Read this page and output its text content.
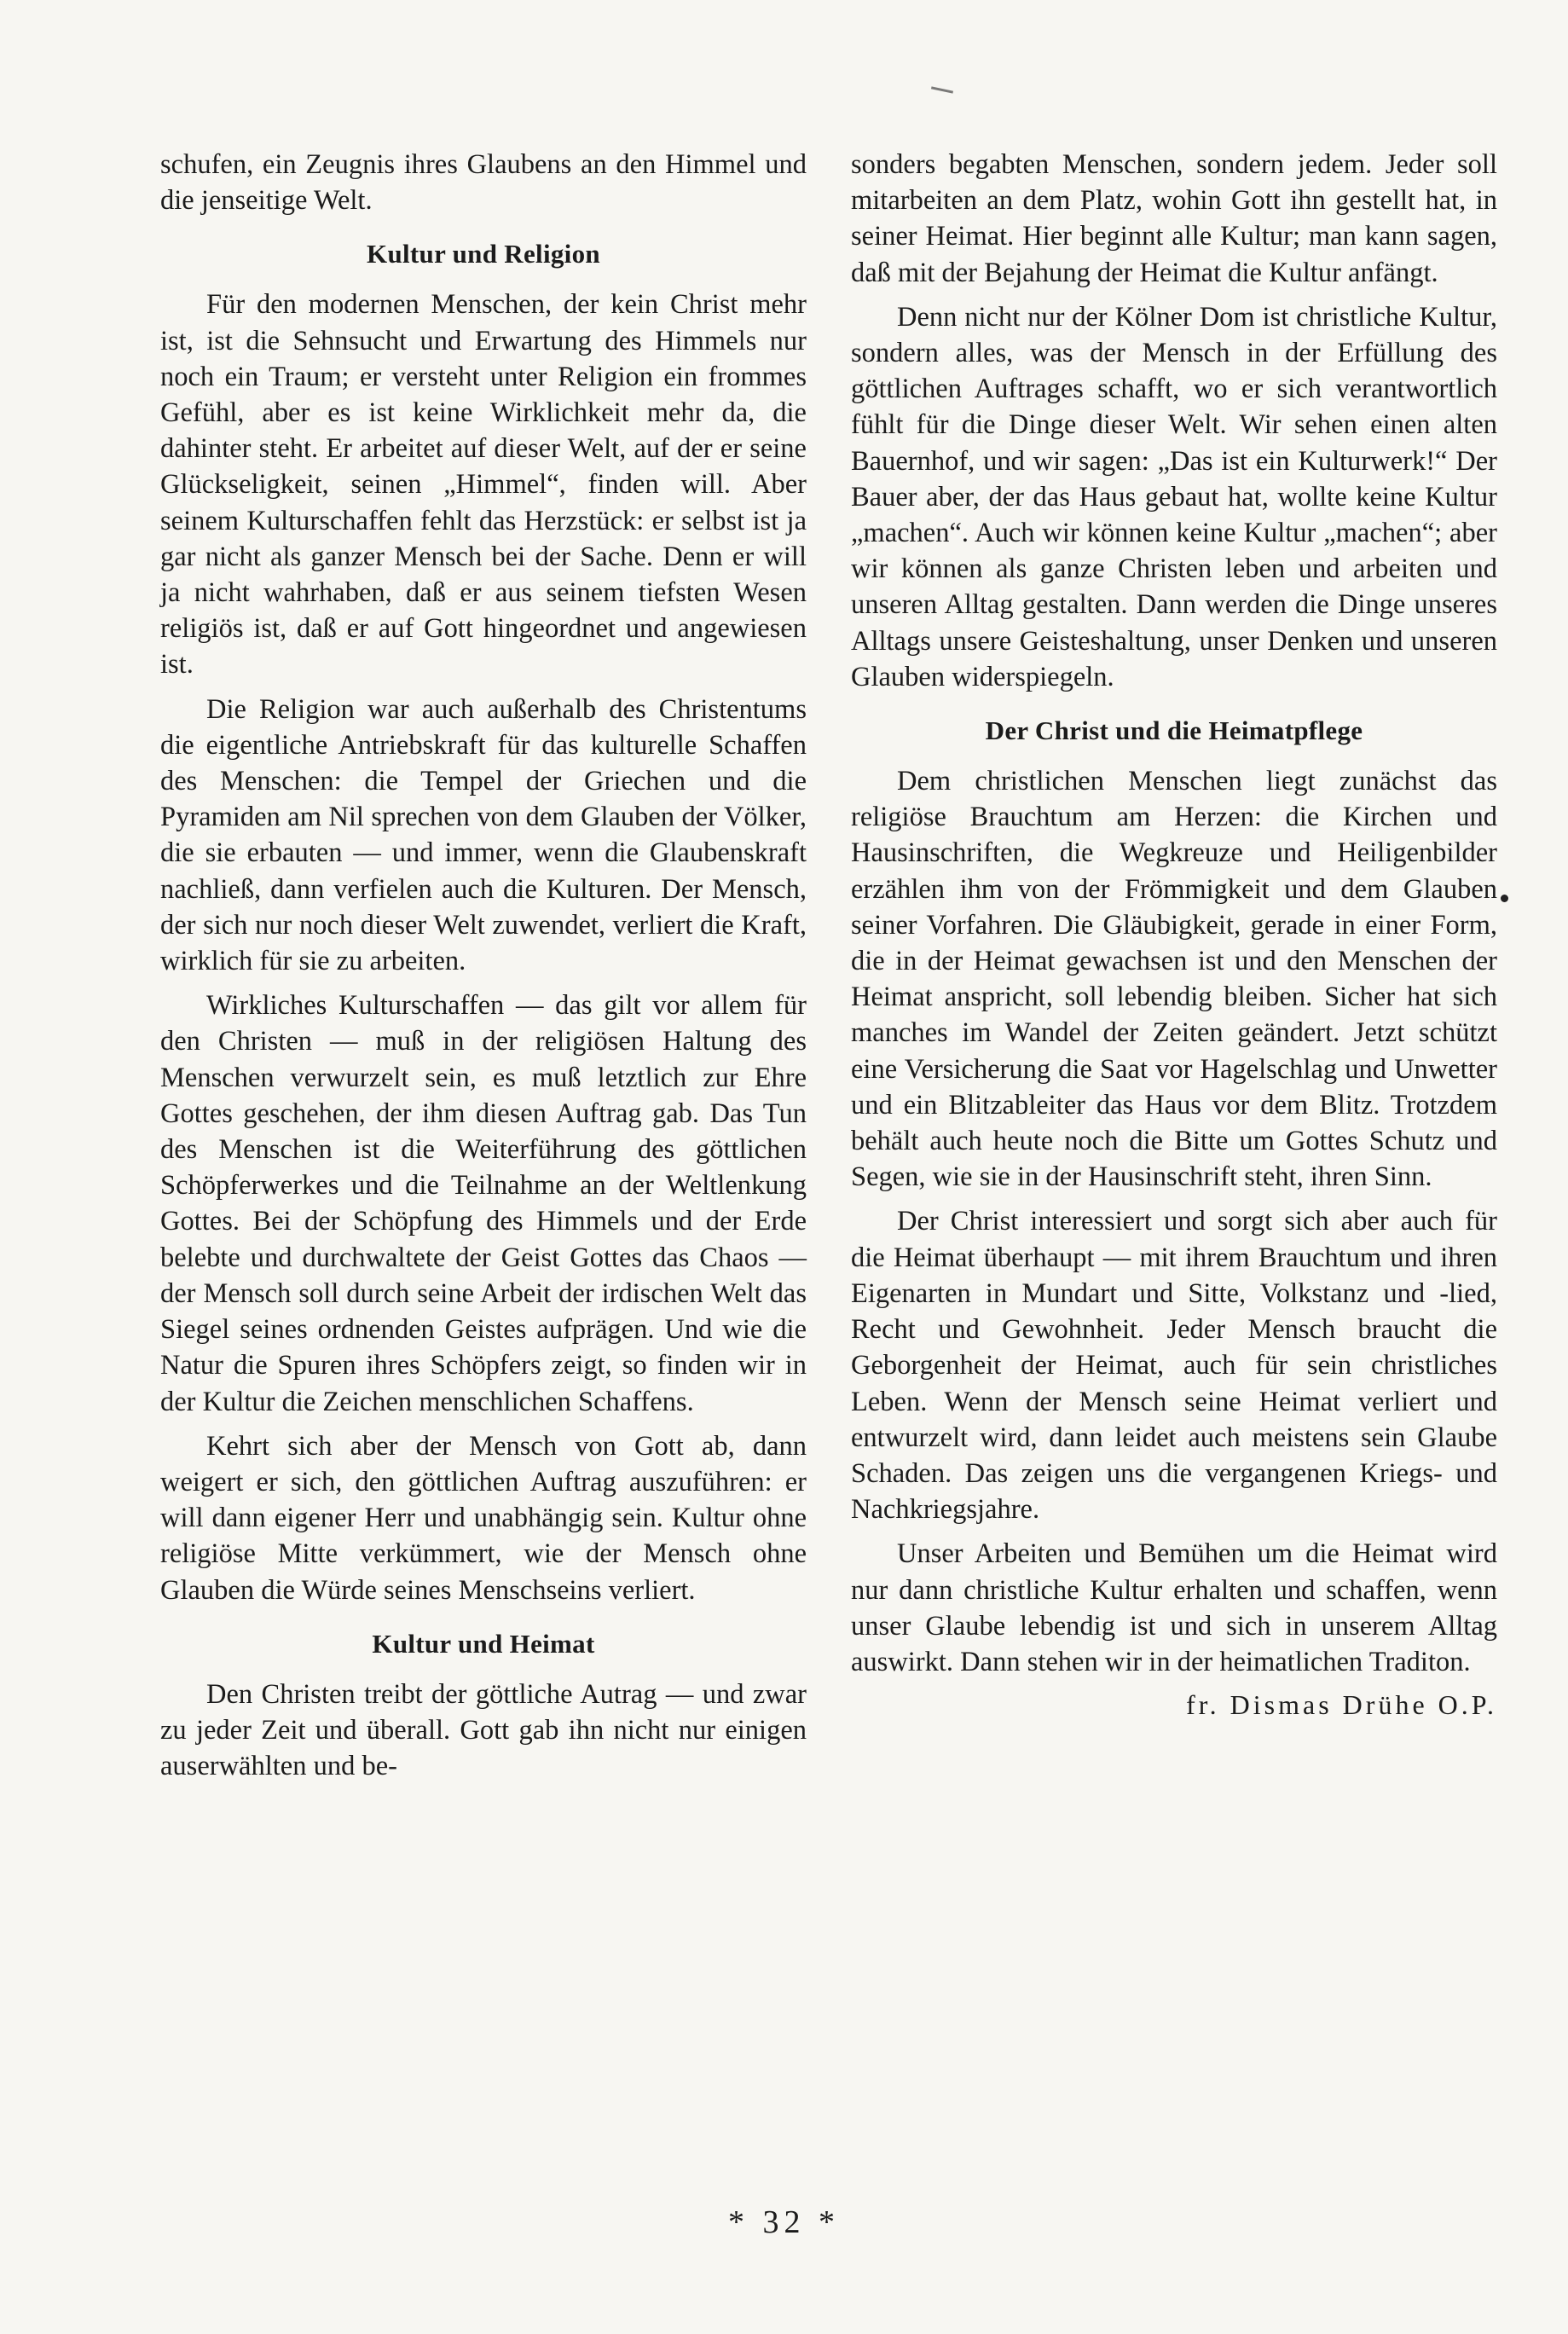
schufen, ein Zeugnis ihres Glaubens an den Himmel und die jenseitige Welt.

Kultur und Religion

Für den modernen Menschen, der kein Christ mehr ist, ist die Sehnsucht und Erwartung des Himmels nur noch ein Traum; er versteht unter Religion ein frommes Gefühl, aber es ist keine Wirklichkeit mehr da, die dahinter steht. Er arbeitet auf dieser Welt, auf der er seine Glückseligkeit, seinen „Himmel“, finden will. Aber seinem Kulturschaffen fehlt das Herzstück: er selbst ist ja gar nicht als ganzer Mensch bei der Sache. Denn er will ja nicht wahrhaben, daß er aus seinem tiefsten Wesen religiös ist, daß er auf Gott hingeordnet und angewiesen ist.

Die Religion war auch außerhalb des Christentums die eigentliche Antriebskraft für das kulturelle Schaffen des Menschen: die Tempel der Griechen und die Pyramiden am Nil sprechen von dem Glauben der Völker, die sie erbauten — und immer, wenn die Glaubenskraft nachließ, dann verfielen auch die Kulturen. Der Mensch, der sich nur noch dieser Welt zuwendet, verliert die Kraft, wirklich für sie zu arbeiten.

Wirkliches Kulturschaffen — das gilt vor allem für den Christen — muß in der religiösen Haltung des Menschen verwurzelt sein, es muß letztlich zur Ehre Gottes geschehen, der ihm diesen Auftrag gab. Das Tun des Menschen ist die Weiterführung des göttlichen Schöpferwerkes und die Teilnahme an der Weltlenkung Gottes. Bei der Schöpfung des Himmels und der Erde belebte und durchwaltete der Geist Gottes das Chaos — der Mensch soll durch seine Arbeit der irdischen Welt das Siegel seines ordnenden Geistes aufprägen. Und wie die Natur die Spuren ihres Schöpfers zeigt, so finden wir in der Kultur die Zeichen menschlichen Schaffens.

Kehrt sich aber der Mensch von Gott ab, dann weigert er sich, den göttlichen Auftrag auszuführen: er will dann eigener Herr und unabhängig sein. Kultur ohne religiöse Mitte verkümmert, wie der Mensch ohne Glauben die Würde seines Menschseins verliert.

Kultur und Heimat

Den Christen treibt der göttliche Autrag — und zwar zu jeder Zeit und überall. Gott gab ihn nicht nur einigen auserwählten und be-

sonders begabten Menschen, sondern jedem. Jeder soll mitarbeiten an dem Platz, wohin Gott ihn gestellt hat, in seiner Heimat. Hier beginnt alle Kultur; man kann sagen, daß mit der Bejahung der Heimat die Kultur anfängt.

Denn nicht nur der Kölner Dom ist christliche Kultur, sondern alles, was der Mensch in der Erfüllung des göttlichen Auftrages schafft, wo er sich verantwortlich fühlt für die Dinge dieser Welt. Wir sehen einen alten Bauernhof, und wir sagen: „Das ist ein Kulturwerk!“ Der Bauer aber, der das Haus gebaut hat, wollte keine Kultur „machen“. Auch wir können keine Kultur „machen“; aber wir können als ganze Christen leben und arbeiten und unseren Alltag gestalten. Dann werden die Dinge unseres Alltags unsere Geisteshaltung, unser Denken und unseren Glauben widerspiegeln.

Der Christ und die Heimatpflege

Dem christlichen Menschen liegt zunächst das religiöse Brauchtum am Herzen: die Kirchen und Hausinschriften, die Wegkreuze und Heiligenbilder erzählen ihm von der Frömmigkeit und dem Glauben seiner Vorfahren. Die Gläubigkeit, gerade in einer Form, die in der Heimat gewachsen ist und den Menschen der Heimat anspricht, soll lebendig bleiben. Sicher hat sich manches im Wandel der Zeiten geändert. Jetzt schützt eine Versicherung die Saat vor Hagelschlag und Unwetter und ein Blitzableiter das Haus vor dem Blitz. Trotzdem behält auch heute noch die Bitte um Gottes Schutz und Segen, wie sie in der Hausinschrift steht, ihren Sinn.

Der Christ interessiert und sorgt sich aber auch für die Heimat überhaupt — mit ihrem Brauchtum und ihren Eigenarten in Mundart und Sitte, Volkstanz und -lied, Recht und Gewohnheit. Jeder Mensch braucht die Geborgenheit der Heimat, auch für sein christliches Leben. Wenn der Mensch seine Heimat verliert und entwurzelt wird, dann leidet auch meistens sein Glaube Schaden. Das zeigen uns die vergangenen Kriegs- und Nachkriegsjahre.

Unser Arbeiten und Bemühen um die Heimat wird nur dann christliche Kultur erhalten und schaffen, wenn unser Glaube lebendig ist und sich in unserem Alltag auswirkt. Dann stehen wir in der heimatlichen Traditon.

fr. Dismas Drühe O.P.
* 32 *
